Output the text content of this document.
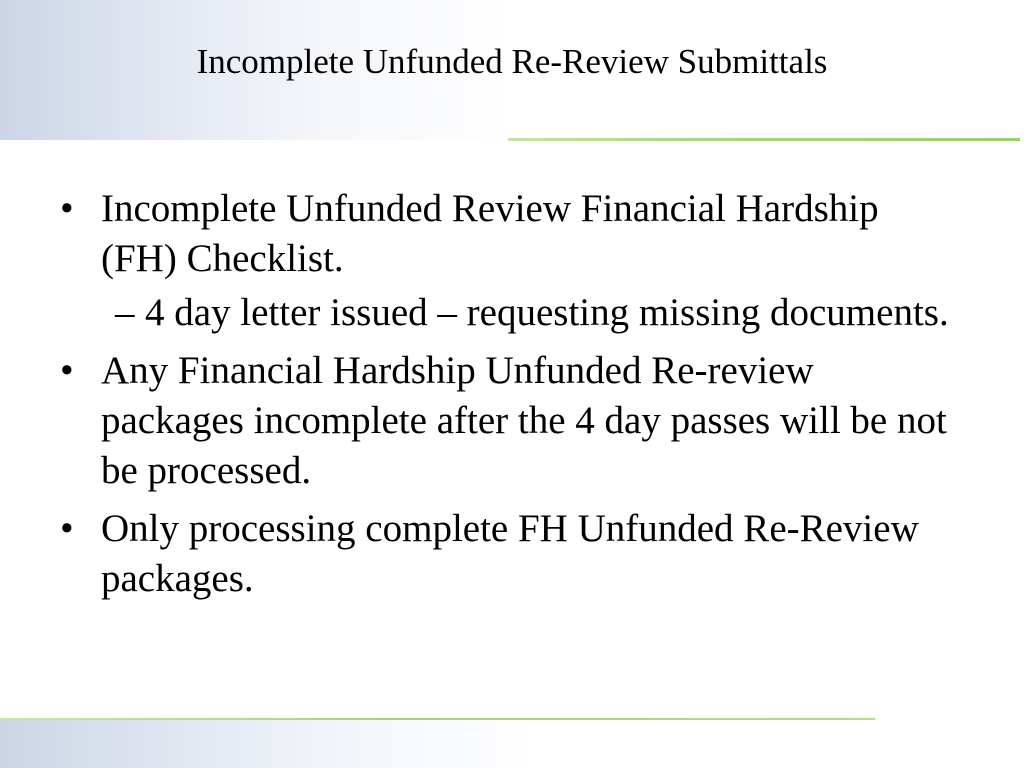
Incomplete Unfunded Re-Review Submittals
• Incomplete Unfunded Review Financial Hardship (FH) Checklist.
– 4 day letter issued – requesting missing documents.
• Any Financial Hardship Unfunded Re-review packages incomplete after the 4 day passes will be not be processed.
• Only processing complete FH Unfunded Re-Review packages.
